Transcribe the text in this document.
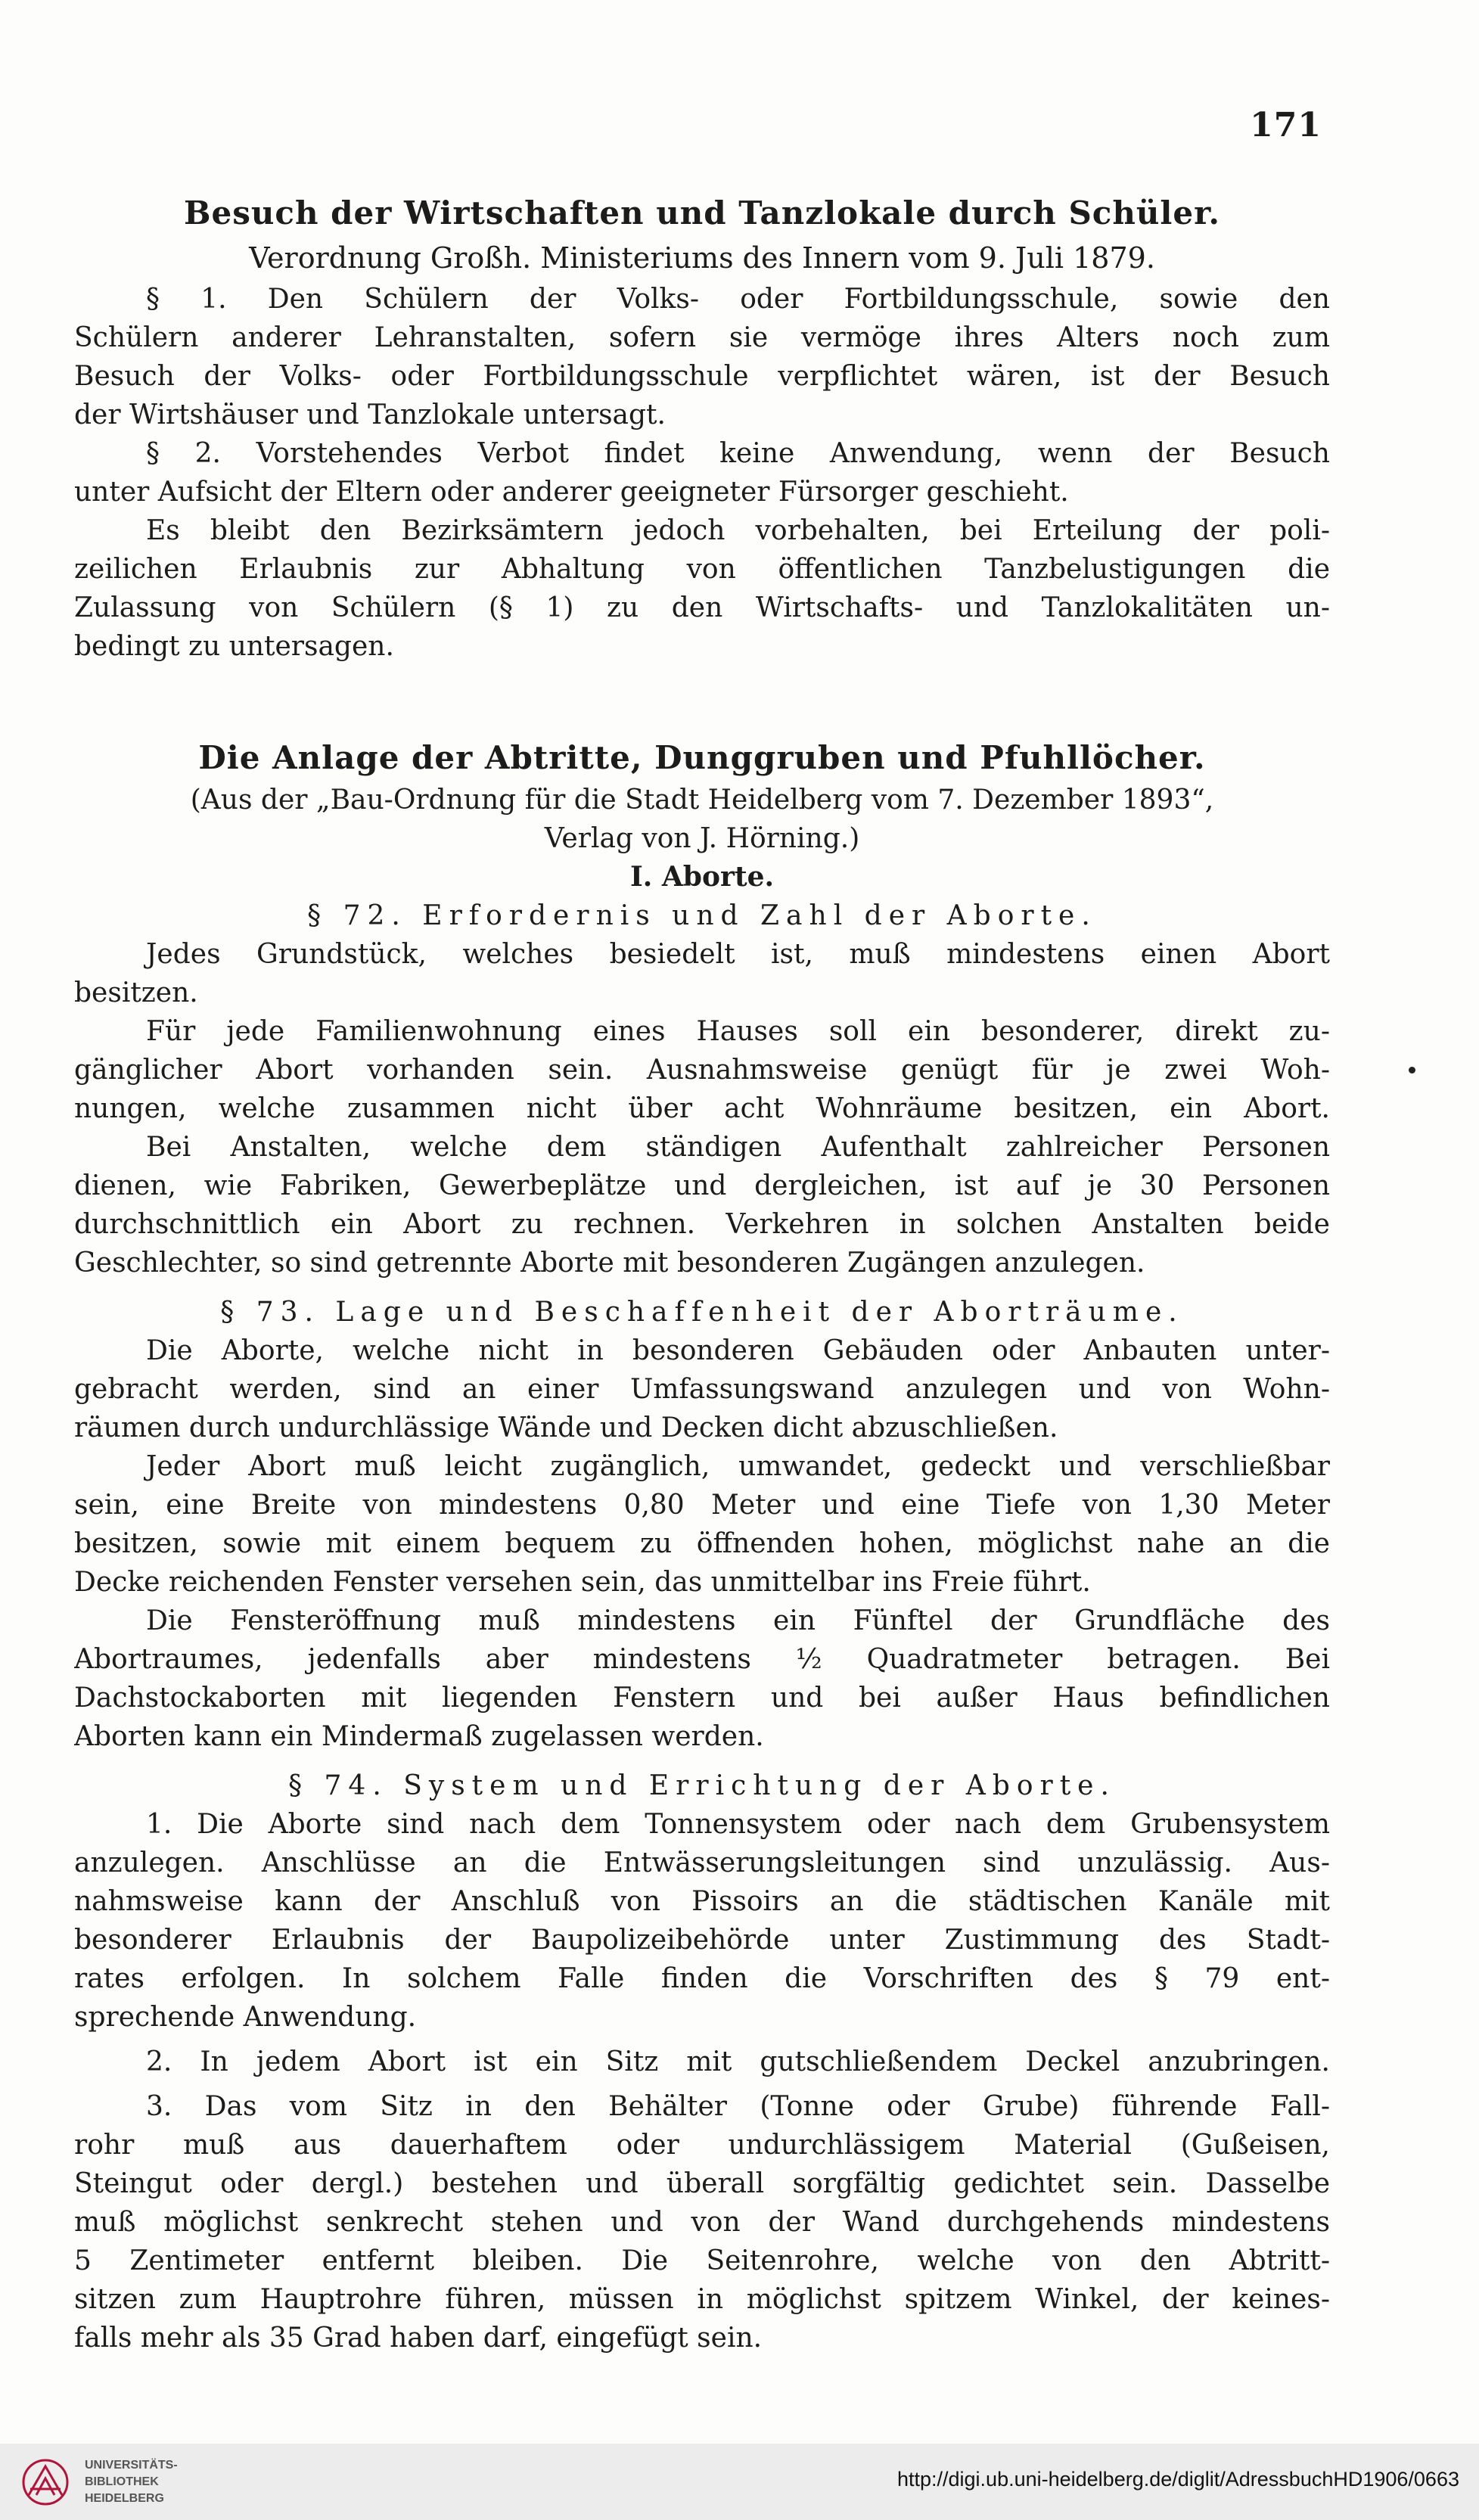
171
Besuch der Wirtschaften und Tanzlokale durch Schüler.
Verordnung Großh. Ministeriums des Innern vom 9. Juli 1879.
§ 1. Den Schülern der Volks- oder Fortbildungsschule, sowie den
Schülern anderer Lehranstalten, sofern sie vermöge ihres Alters noch zum
Besuch der Volks- oder Fortbildungsschule verpflichtet wären, ist der Besuch
der Wirtshäuser und Tanzlokale untersagt.
§ 2. Vorstehendes Verbot findet keine Anwendung, wenn der Besuch
unter Aufsicht der Eltern oder anderer geeigneter Fürsorger geschieht.
Es bleibt den Bezirksämtern jedoch vorbehalten, bei Erteilung der poli-
zeilichen Erlaubnis zur Abhaltung von öffentlichen Tanzbelustigungen die
Zulassung von Schülern (§ 1) zu den Wirtschafts- und Tanzlokalitäten un-
bedingt zu untersagen.
Die Anlage der Abtritte, Dunggruben und Pfuhllöcher.
(Aus der „Bau-Ordnung für die Stadt Heidelberg vom 7. Dezember 1893“,
Verlag von J. Hörning.)
I. Aborte.
§ 72. Erfordernis und Zahl der Aborte.
Jedes Grundstück, welches besiedelt ist, muß mindestens einen Abort
besitzen.
Für jede Familienwohnung eines Hauses soll ein besonderer, direkt zu-
gänglicher Abort vorhanden sein. Ausnahmsweise genügt für je zwei Woh-
nungen, welche zusammen nicht über acht Wohnräume besitzen, ein Abort.
Bei Anstalten, welche dem ständigen Aufenthalt zahlreicher Personen
dienen, wie Fabriken, Gewerbeplätze und dergleichen, ist auf je 30 Personen
durchschnittlich ein Abort zu rechnen. Verkehren in solchen Anstalten beide
Geschlechter, so sind getrennte Aborte mit besonderen Zugängen anzulegen.
§ 73. Lage und Beschaffenheit der Aborträume.
Die Aborte, welche nicht in besonderen Gebäuden oder Anbauten unter-
gebracht werden, sind an einer Umfassungswand anzulegen und von Wohn-
räumen durch undurchlässige Wände und Decken dicht abzuschließen.
Jeder Abort muß leicht zugänglich, umwandet, gedeckt und verschließbar
sein, eine Breite von mindestens 0,80 Meter und eine Tiefe von 1,30 Meter
besitzen, sowie mit einem bequem zu öffnenden hohen, möglichst nahe an die
Decke reichenden Fenster versehen sein, das unmittelbar ins Freie führt.
Die Fensteröffnung muß mindestens ein Fünftel der Grundfläche des
Abortraumes, jedenfalls aber mindestens ½ Quadratmeter betragen. Bei
Dachstockaborten mit liegenden Fenstern und bei außer Haus befindlichen
Aborten kann ein Mindermaß zugelassen werden.
§ 74. System und Errichtung der Aborte.
1. Die Aborte sind nach dem Tonnensystem oder nach dem Grubensystem
anzulegen. Anschlüsse an die Entwässerungsleitungen sind unzulässig. Aus-
nahmsweise kann der Anschluß von Pissoirs an die städtischen Kanäle mit
besonderer Erlaubnis der Baupolizeibehörde unter Zustimmung des Stadt-
rates erfolgen. In solchem Falle finden die Vorschriften des § 79 ent-
sprechende Anwendung.
2. In jedem Abort ist ein Sitz mit gutschließendem Deckel anzubringen.
3. Das vom Sitz in den Behälter (Tonne oder Grube) führende Fall-
rohr muß aus dauerhaftem oder undurchlässigem Material (Gußeisen,
Steingut oder dergl.) bestehen und überall sorgfältig gedichtet sein. Dasselbe
muß möglichst senkrecht stehen und von der Wand durchgehends mindestens
5 Zentimeter entfernt bleiben. Die Seitenrohre, welche von den Abtritt-
sitzen zum Hauptrohre führen, müssen in möglichst spitzem Winkel, der keines-
falls mehr als 35 Grad haben darf, eingefügt sein.
UNIVERSITÄTS-
BIBLIOTHEK
HEIDELBERG
http://digi.ub.uni-heidelberg.de/diglit/AdressbuchHD1906/0663
